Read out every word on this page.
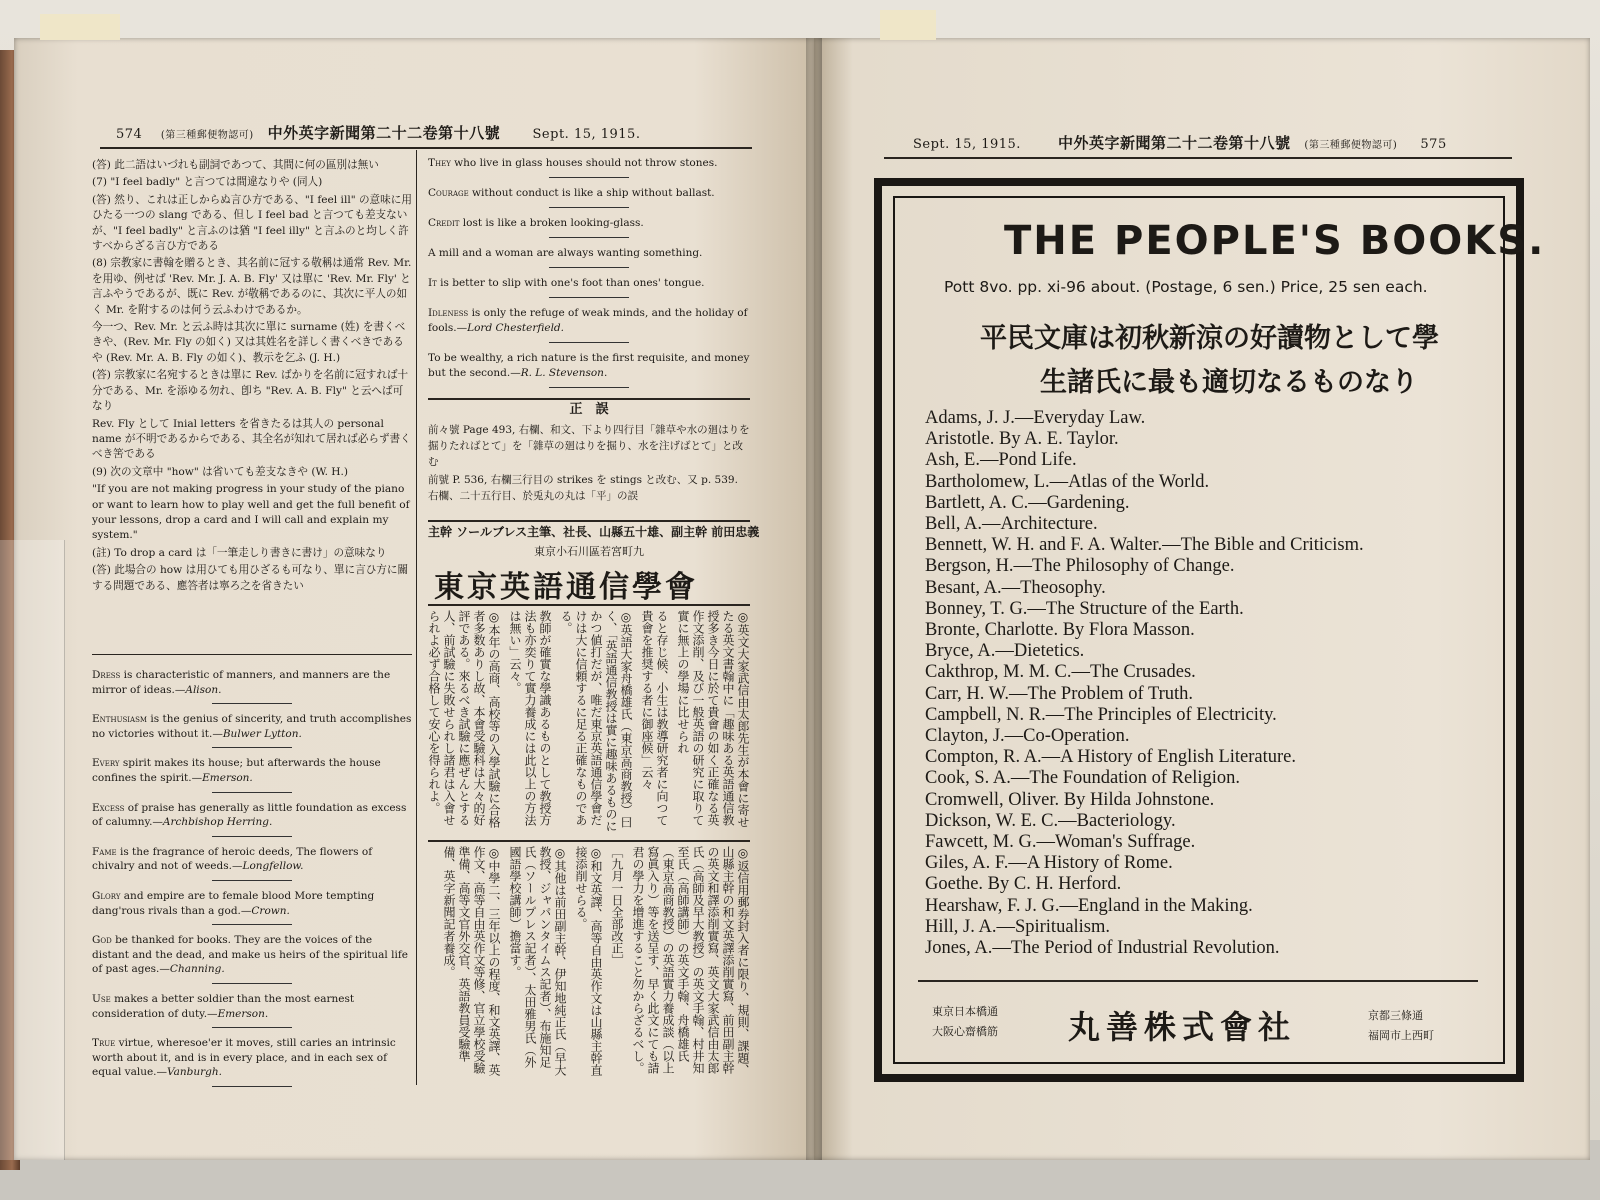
574 (第三種郵便物認可) 中外英字新聞第二十二卷第十八號 Sept. 15, 1915.

(答) 此二語はいづれも副詞であつて、其間に何の區別は無い

(7) "I feel badly" と言つては間違なりや (同人)

(答) 然り、これは正しからぬ言ひ方である、"I feel ill" の意味に用ひたる一つの slang である、但し I feel bad と言つても差支ないが、"I feel badly" と言ふのは猶 "I feel illy" と言ふのと均しく許すべからざる言ひ方である

(8) 宗教家に書翰を贈るとき、其名前に冠する敬稱は通常 Rev. Mr. を用ゆ、例せば 'Rev. Mr. J. A. B. Fly' 又は單に 'Rev. Mr. Fly' と言ふやうであるが、既に Rev. が敬稱であるのに、其次に平人の如く Mr. を附するのは何う云ふわけであるか。

今一つ、Rev. Mr. と云ふ時は其次に單に surname (姓) を書くべきや、(Rev. Mr. Fly の如く) 又は其姓名を詳しく書くべきであるや (Rev. Mr. A. B. Fly の如く)、教示を乞ふ (J. H.)

(答) 宗教家に名宛するときは單に Rev. ばかりを名前に冠すれば十分である、Mr. を添ゆる勿れ、卽ち "Rev. A. B. Fly" と云へば可なり

Rev. Fly として Inial letters を省きたるは其人の personal name が不明であるからである、其全名が知れて居れば必らず書くべき筈である

(9) 次の文章中 "how" は省いても差支なきや (W. H.)

"If you are not making progress in your study of the piano or want to learn how to play well and get the full benefit of your lessons, drop a card and I will call and explain my system."

(註) To drop a card は「一筆走しり書きに書け」の意味なり

(答) 此場合の how は用ひても用ひざるも可なり、單に言ひ方に關する問題である、應答者は寧ろ之を省きたい

Dress is characteristic of manners, and manners are the mirror of ideas.—Alison.

Enthusiasm is the genius of sincerity, and truth accomplishes no victories without it.—Bulwer Lytton.

Every spirit makes its house; but afterwards the house confines the spirit.—Emerson.

Excess of praise has generally as little foundation as excess of calumny.—Archbishop Herring.

Fame is the fragrance of heroic deeds, The flowers of chivalry and not of weeds.—Longfellow.

Glory and empire are to female blood More tempting dang'rous rivals than a god.—Crown.

God be thanked for books. They are the voices of the distant and the dead, and make us heirs of the spiritual life of past ages.—Channing.

Use makes a better soldier than the most earnest consideration of duty.—Emerson.

True virtue, wheresoe'er it moves, still caries an intrinsic worth about it, and is in every place, and in each sex of equal value.—Vanburgh.

They who live in glass houses should not throw stones.

Courage without conduct is like a ship without ballast.

Credit lost is like a broken looking-glass.

A mill and a woman are always wanting something.

It is better to slip with one's foot than ones' tongue.

Idleness is only the refuge of weak minds, and the holiday of fools.—Lord Chesterfield.

To be wealthy, a rich nature is the first requisite, and money but the second.—R. L. Stevenson.

正　誤

前々號 Page 493, 右欄、和文、下より四行目「雜草や水の廻はりを掘りたればとて」を「雜草の廻はりを掘り、水を注げばとて」と改む

前號 P. 536, 右欄三行目の strikes を stings と改む、又 p. 539. 右欄、二十五行目、於兎丸の丸は「平」の誤

主幹 ソールブレス主筆、社長、山縣五十雄、副主幹 前田忠義
東京小石川區若宮町九
東京英語通信學會
◎英文大家武信由太郎先生が本會に寄せたる英文書翰中に「趣味ある英語通信教授多き今日に於て貴會の如く正確なる英作文添削、及び一般英語の研究に取りて實に無上の學場に比せられ
ると存じ候、小生は教導研究者に向つて貴會を推奨する者に御座候」云々
◎英語大家舟橋雄氏（東京高商教授）曰く、「英語通信教授は實に趣味あるものにかつ値打だが、唯だ東京英語通信學會だけは大に信頼するに足る正確なものである。
教師が確實な學識あるものとして教授方法も亦奕りて實力養成には此以上の方法は無い」云々。
◎本年の高商、高校等の入學試驗に合格者多数ありし故、本會受驗科は大々的好評である。來るべき試驗に應ぜんとする人、前試驗に失敗せられし諸君は入會せられよ必ず合格して安心を得られよ。
◎返信用郵券封入者に限り、規則、課題、山縣主幹の和文英譯添削實寫、前田副主幹の英文和譯添削實寫、英文大家武信由太郎氏（高師及早大教授）の英文手翰、村井知至氏（高師講師）の英文手翰、舟橋雄氏（東京高商教授）の英語實力養成談（以上寫眞入り）等を送呈す、早く此文にても請君の學力を增進すること勿からざるべし。
［九月一日全部改正］
◎和文英譯、高等自由英作文は山縣主幹直接添削せらる。
◎其他は前田副主幹、伊知地純正氏（早大教授、ジャパンタイムス記者）、布施知足氏（ソールプレス記者）、太田雅男氏（外國語學校講師）擔當す。
◎中學二、三年以上の程度、和文英譯、英作文、高等自由英作文等修、官立學校受驗準備、高等文官外交官、英語教員受驗準備、英字新聞記者養成。
Sept. 15, 1915. 中外英字新聞第二十二卷第十八號 (第三種郵便物認可) 575
THE PEOPLE'S BOOKS.
Pott 8vo. pp. xi-96 about. (Postage, 6 sen.) Price, 25 sen each.
平民文庫は初秋新涼の好讀物として學
生諸氏に最も適切なるものなり
Adams, J. J.—Everyday Law.
Aristotle. By A. E. Taylor.
Ash, E.—Pond Life.
Bartholomew, L.—Atlas of the World.
Bartlett, A. C.—Gardening.
Bell, A.—Architecture.
Bennett, W. H. and F. A. Walter.—The Bible and Criticism.
Bergson, H.—The Philosophy of Change.
Besant, A.—Theosophy.
Bonney, T. G.—The Structure of the Earth.
Bronte, Charlotte. By Flora Masson.
Bryce, A.—Dietetics.
Cakthrop, M. M. C.—The Crusades.
Carr, H. W.—The Problem of Truth.
Campbell, N. R.—The Principles of Electricity.
Clayton, J.—Co-Operation.
Compton, R. A.—A History of English Literature.
Cook, S. A.—The Foundation of Religion.
Cromwell, Oliver. By Hilda Johnstone.
Dickson, W. E. C.—Bacteriology.
Fawcett, M. G.—Woman's Suffrage.
Giles, A. F.—A History of Rome.
Goethe. By C. H. Herford.
Hearshaw, F. J. G.—England in the Making.
Hill, J. A.—Spiritualism.
Jones, A.—The Period of Industrial Revolution.
東京日本橋通
大阪心齋橋筋 丸善株式會社	京都三條通
福岡市上西町
